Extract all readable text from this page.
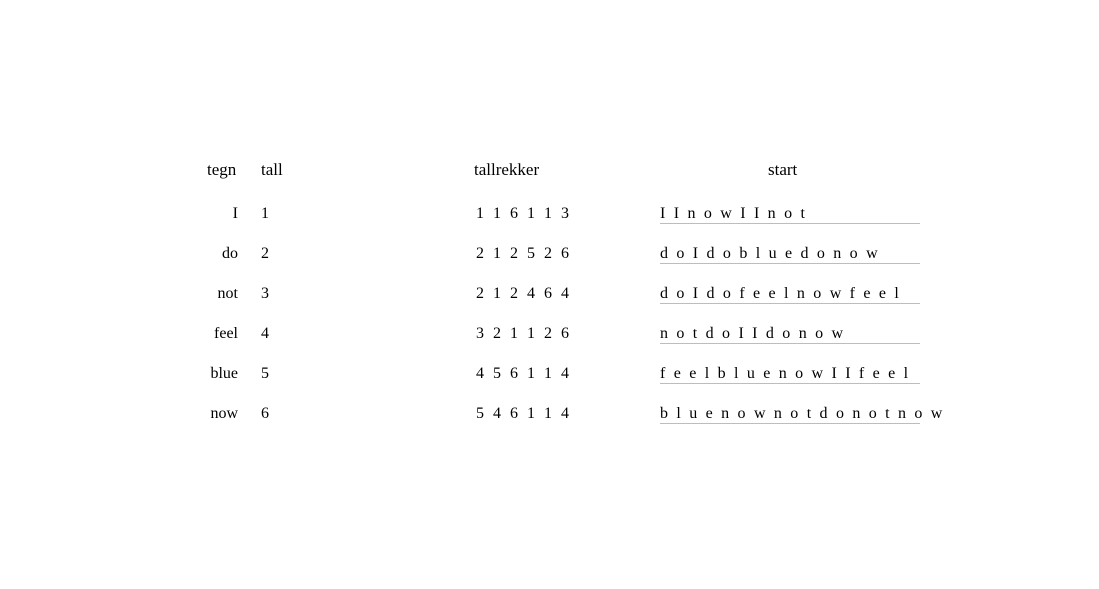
tegn tall	tallrekker	start
I 1	1 1 6 1 1 3	I I n o w I I n o t
do 2	2 1 2 5 2 6	d o I d o b l u e d o n o w
not 3	2 1 2 4 6 4	d o I d o f e e l n o w f e e l
feel 4	3 2 1 1 2 6	n o t d o I I d o n o w
blue 5	4 5 6 1 1 4	f e e l b l u e n o w I I f e e l
now 6	5 4 6 1 1 4	b l u e n o w n o t d o n o t n o w
